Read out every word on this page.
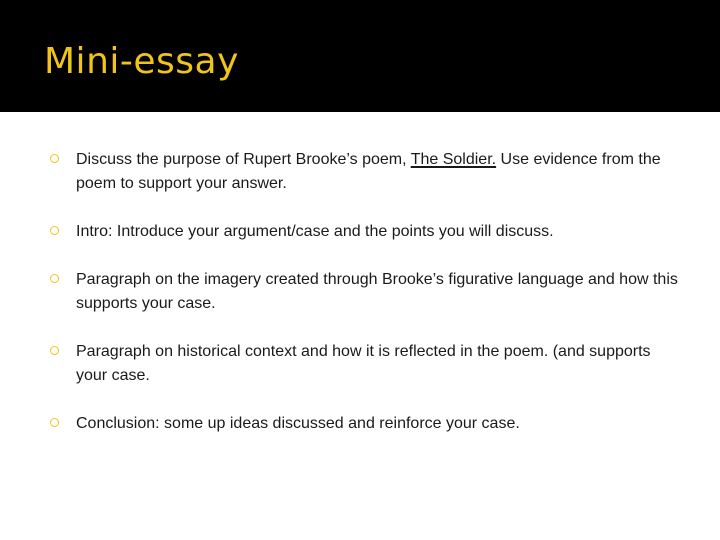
Mini-essay
Discuss the purpose of Rupert Brooke’s poem, The Soldier. Use evidence from the poem to support your answer.
Intro: Introduce your argument/case and the points you will discuss.
Paragraph on the imagery created through Brooke’s figurative language and how this supports your case.
Paragraph on historical context and how it is reflected in the poem. (and supports your case.
Conclusion: some up ideas discussed and reinforce your case.
